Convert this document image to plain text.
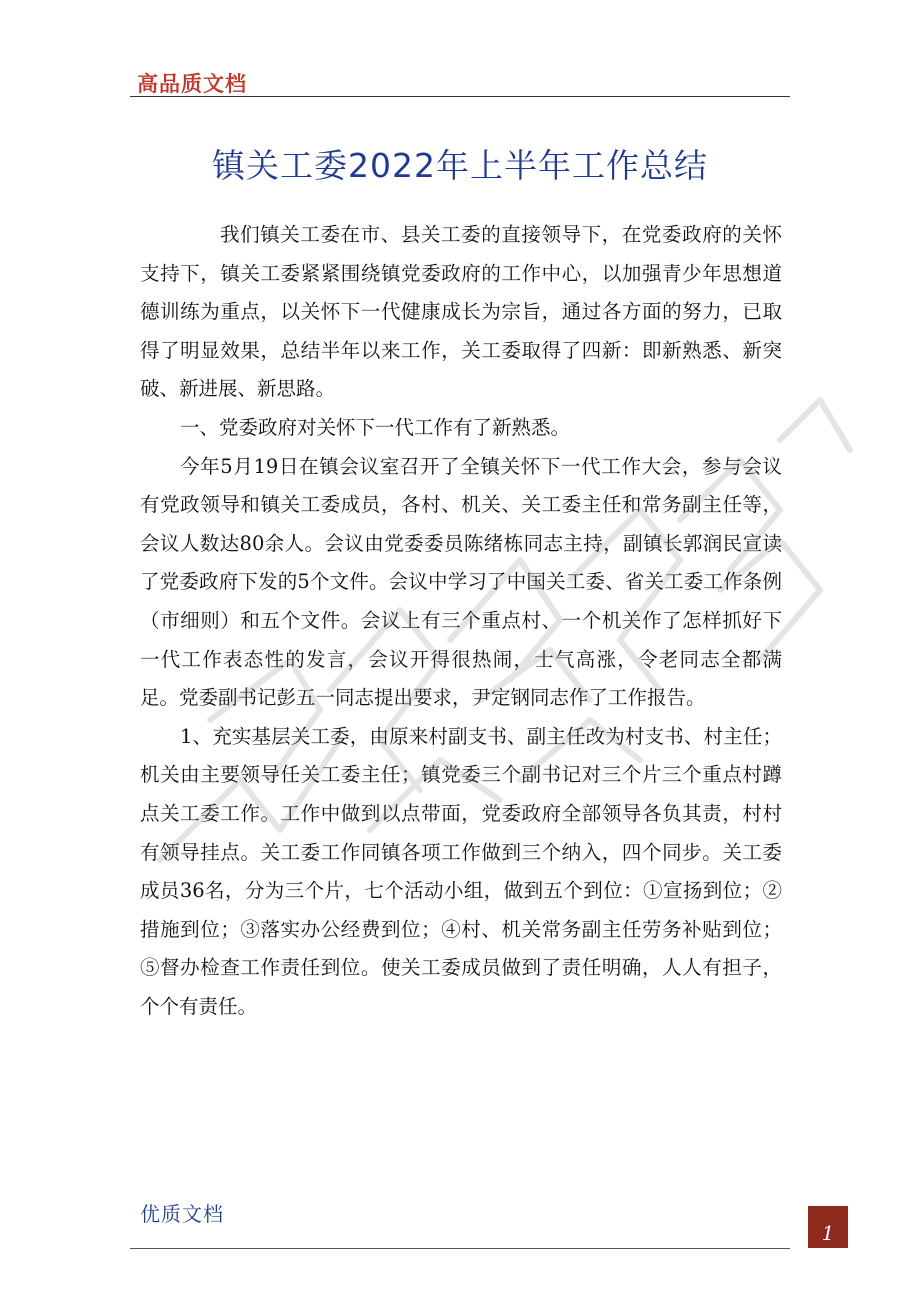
高品质文档
镇关工委2022年上半年工作总结

我们镇关工委在市、县关工委的直接领导下，在党委政府的关怀支持下，镇关工委紧紧围绕镇党委政府的工作中心，以加强青少年思想道德训练为重点，以关怀下一代健康成长为宗旨，通过各方面的努力，已取得了明显效果，总结半年以来工作，关工委取得了四新：即新熟悉、新突破、新进展、新思路。

一、党委政府对关怀下一代工作有了新熟悉。

今年5月19日在镇会议室召开了全镇关怀下一代工作大会，参与会议有党政领导和镇关工委成员，各村、机关、关工委主任和常务副主任等，会议人数达80余人。会议由党委委员陈绪栋同志主持，副镇长郭润民宣读了党委政府下发的5个文件。会议中学习了中国关工委、省关工委工作条例（市细则）和五个文件。会议上有三个重点村、一个机关作了怎样抓好下一代工作表态性的发言，会议开得很热闹，士气高涨，令老同志全都满足。党委副书记彭五一同志提出要求，尹定钢同志作了工作报告。

1、充实基层关工委，由原来村副支书、副主任改为村支书、村主任；机关由主要领导任关工委主任；镇党委三个副书记对三个片三个重点村蹲点关工委工作。工作中做到以点带面，党委政府全部领导各负其责，村村有领导挂点。关工委工作同镇各项工作做到三个纳入，四个同步。关工委成员36名，分为三个片，七个活动小组，做到五个到位：①宣扬到位；②措施到位；③落实办公经费到位；④村、机关常务副主任劳务补贴到位；⑤督办检查工作责任到位。使关工委成员做到了责任明确，人人有担子，个个有责任。

优质文档
1
